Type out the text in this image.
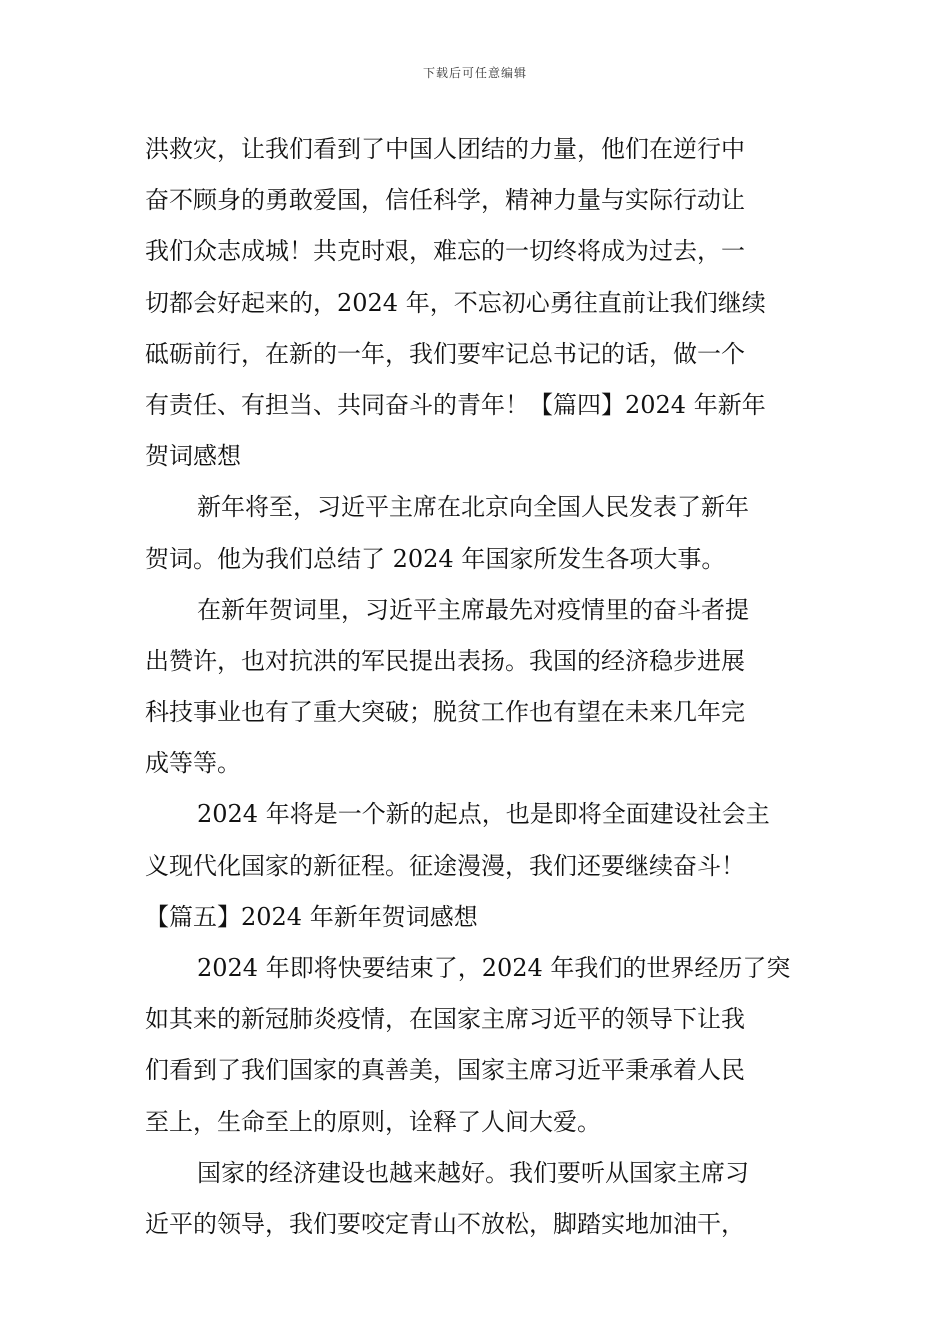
下载后可任意编辑
洪救灾，让我们看到了中国人团结的力量，他们在逆行中
奋不顾身的勇敢爱国，信任科学，精神力量与实际行动让
我们众志成城！共克时艰，难忘的一切终将成为过去，一
切都会好起来的，2024 年，不忘初心勇往直前让我们继续
砥砺前行，在新的一年，我们要牢记总书记的话，做一个
有责任、有担当、共同奋斗的青年！【篇四】2024 年新年
贺词感想
新年将至，习近平主席在北京向全国人民发表了新年
贺词。他为我们总结了 2024 年国家所发生各项大事。
在新年贺词里，习近平主席最先对疫情里的奋斗者提
出赞许，也对抗洪的军民提出表扬。我国的经济稳步进展
科技事业也有了重大突破；脱贫工作也有望在未来几年完
成等等。
2024 年将是一个新的起点，也是即将全面建设社会主
义现代化国家的新征程。征途漫漫，我们还要继续奋斗！
【篇五】2024 年新年贺词感想
2024 年即将快要结束了，2024 年我们的世界经历了突
如其来的新冠肺炎疫情，在国家主席习近平的领导下让我
们看到了我们国家的真善美，国家主席习近平秉承着人民
至上，生命至上的原则，诠释了人间大爱。
国家的经济建设也越来越好。我们要听从国家主席习
近平的领导，我们要咬定青山不放松，脚踏实地加油干，
